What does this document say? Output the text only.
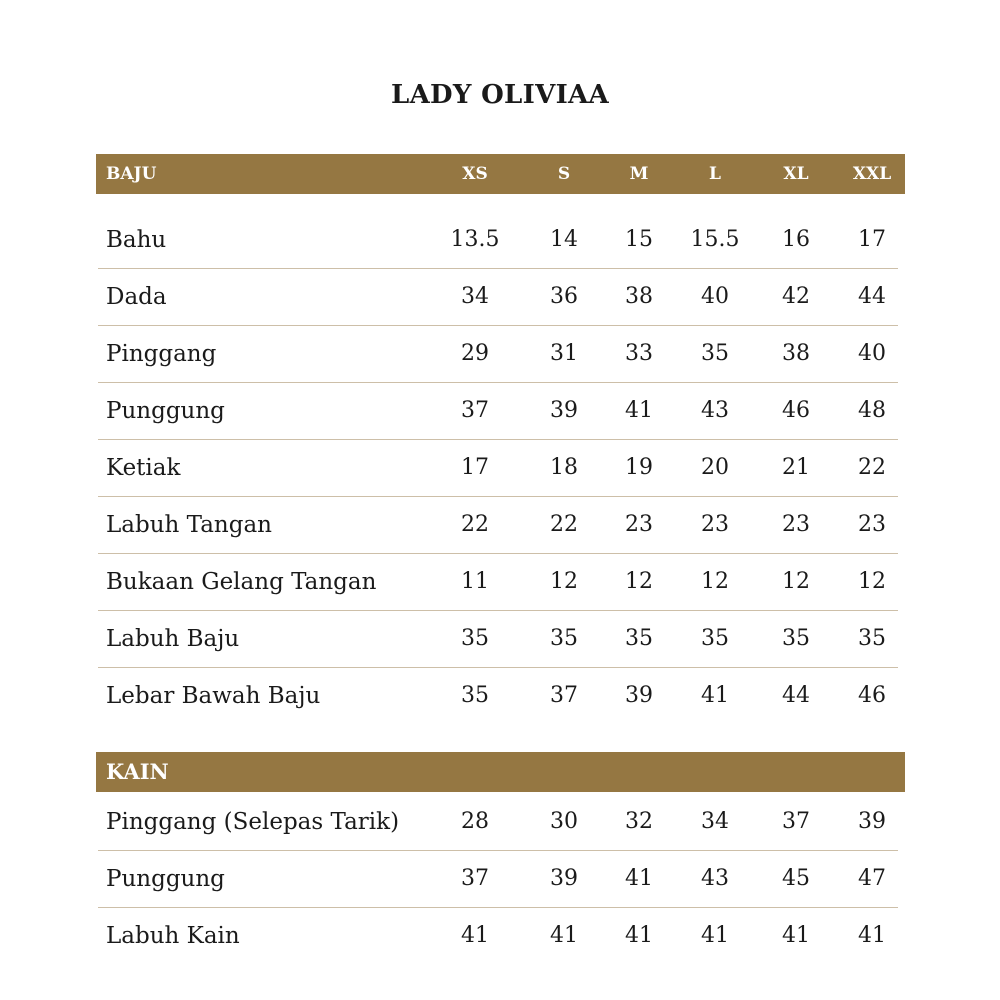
LADY OLIVIAA
BAJU	XS	S	M	L	XL	XXL
Bahu	13.5	14	15	15.5	16	17
Dada	34	36	38	40	42	44
Pinggang	29	31	33	35	38	40
Punggung	37	39	41	43	46	48
Ketiak	17	18	19	20	21	22
Labuh Tangan	22	22	23	23	23	23
Bukaan Gelang Tangan	11	12	12	12	12	12
Labuh Baju	35	35	35	35	35	35
Lebar Bawah Baju	35	37	39	41	44	46
KAIN
Pinggang (Selepas Tarik)	28	30	32	34	37	39
Punggung	37	39	41	43	45	47
Labuh Kain	41	41	41	41	41	41
